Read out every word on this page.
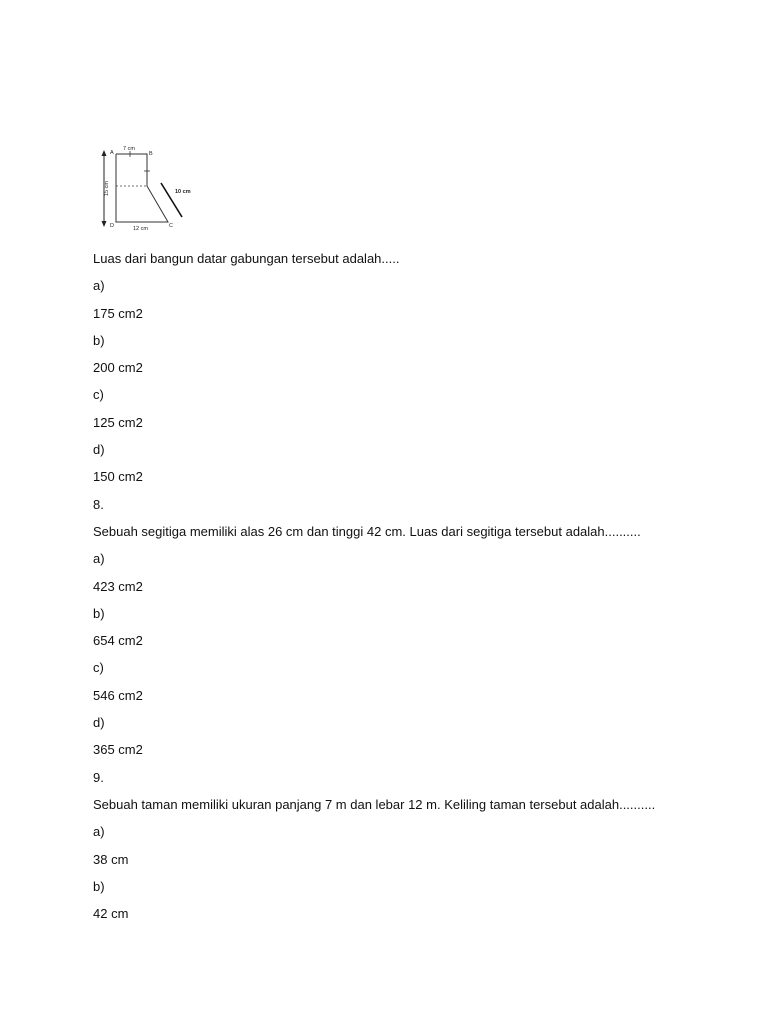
A	B
C
D
7 cm
12 cm
10 cm
15 cm
Luas dari bangun datar gabungan tersebut adalah.....
a)
175 cm2
b)
200 cm2
c)
125 cm2
d)
150 cm2
8.
Sebuah segitiga memiliki alas 26 cm dan tinggi 42 cm. Luas dari segitiga tersebut adalah..........
a)
423 cm2
b)
654 cm2
c)
546 cm2
d)
365 cm2
9.
Sebuah taman memiliki ukuran panjang 7 m dan lebar 12 m. Keliling taman tersebut adalah..........
a)
38 cm
b)
42 cm
